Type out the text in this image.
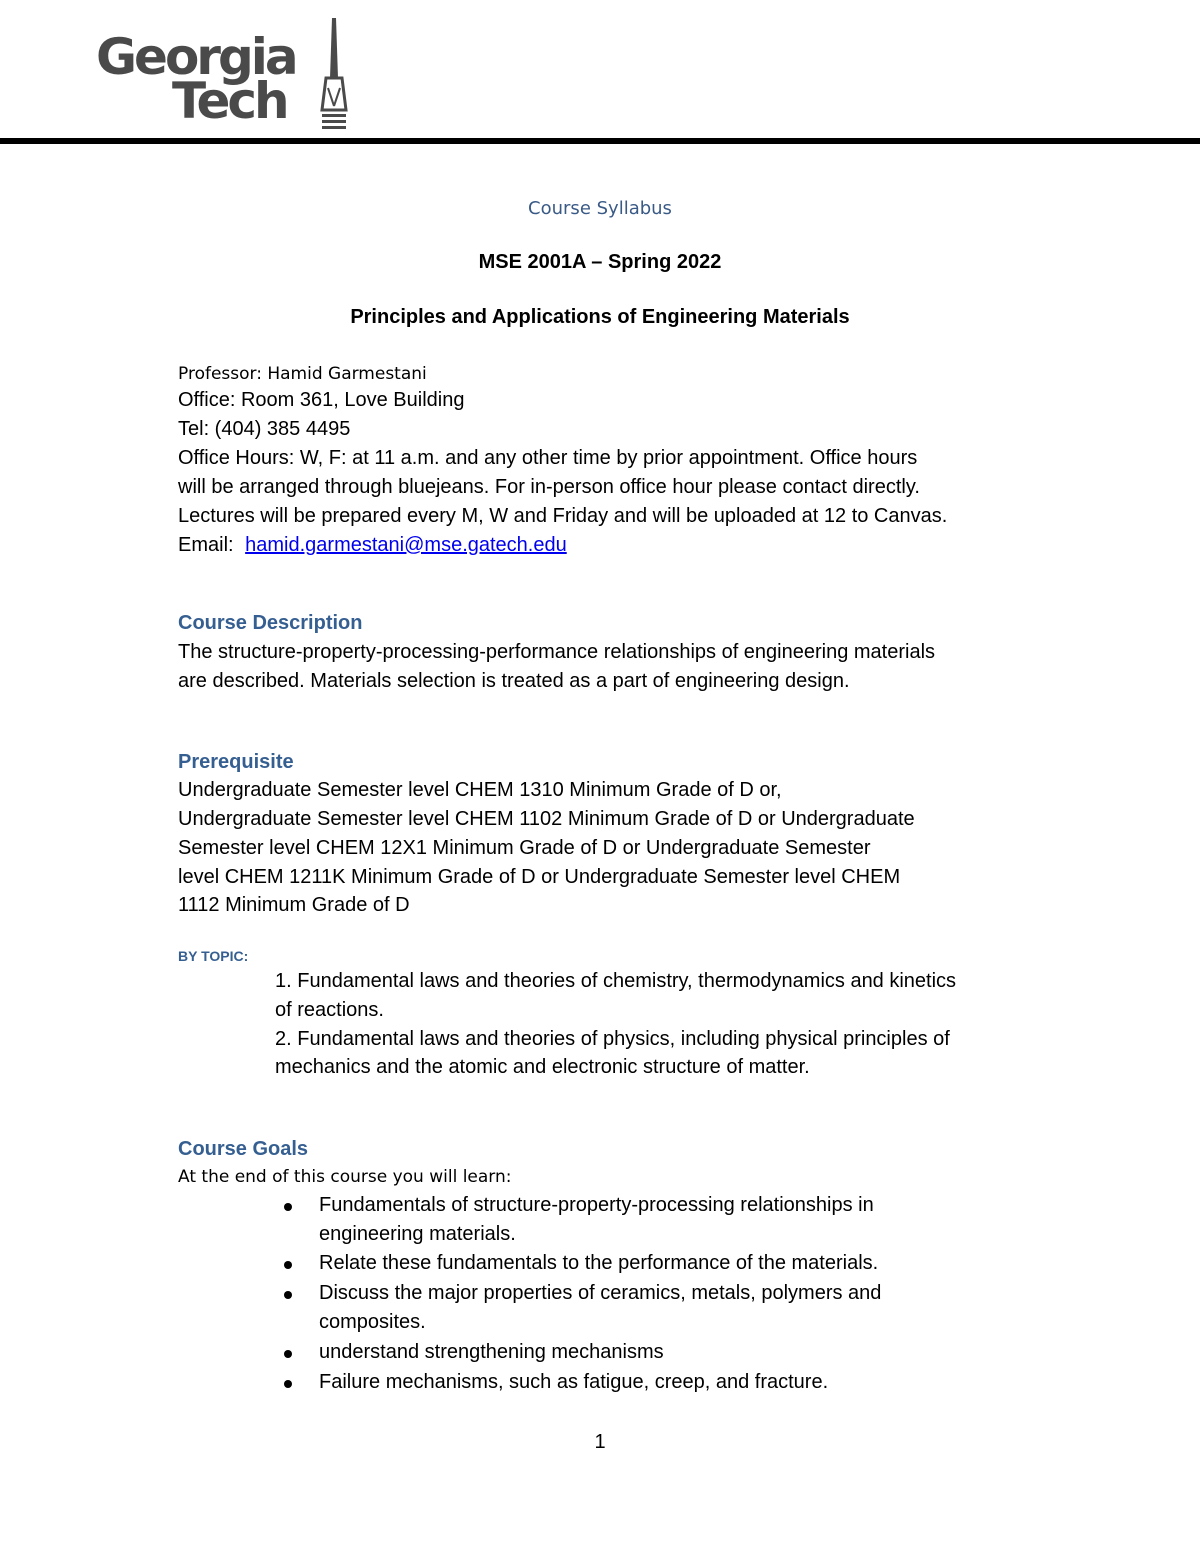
Georgia
Tech
Course Syllabus
MSE 2001A – Spring 2022
Principles and Applications of Engineering Materials
Professor: Hamid Garmestani
Office: Room 361, Love Building
Tel: (404) 385 4495
Office Hours: W, F: at 11 a.m. and any other time by prior appointment. Office hours
will be arranged through bluejeans. For in-person office hour please contact directly.
Lectures will be prepared every M, W and Friday and will be uploaded at 12 to Canvas.
Email: hamid.garmestani@mse.gatech.edu
Course Description
The structure-property-processing-performance relationships of engineering materials
are described. Materials selection is treated as a part of engineering design.
Prerequisite
Undergraduate Semester level CHEM 1310 Minimum Grade of D or,
Undergraduate Semester level CHEM 1102 Minimum Grade of D or Undergraduate
Semester level CHEM 12X1 Minimum Grade of D or Undergraduate Semester
level CHEM 1211K Minimum Grade of D or Undergraduate Semester level CHEM
1112 Minimum Grade of D
BY TOPIC:
1. Fundamental laws and theories of chemistry, thermodynamics and kinetics
of reactions.
2. Fundamental laws and theories of physics, including physical principles of
mechanics and the atomic and electronic structure of matter.
Course Goals
At the end of this course you will learn:
Fundamentals of structure-property-processing relationships in
engineering materials.
Relate these fundamentals to the performance of the materials.
Discuss the major properties of ceramics, metals, polymers and
composites.
understand strengthening mechanisms
Failure mechanisms, such as fatigue, creep, and fracture.
1
